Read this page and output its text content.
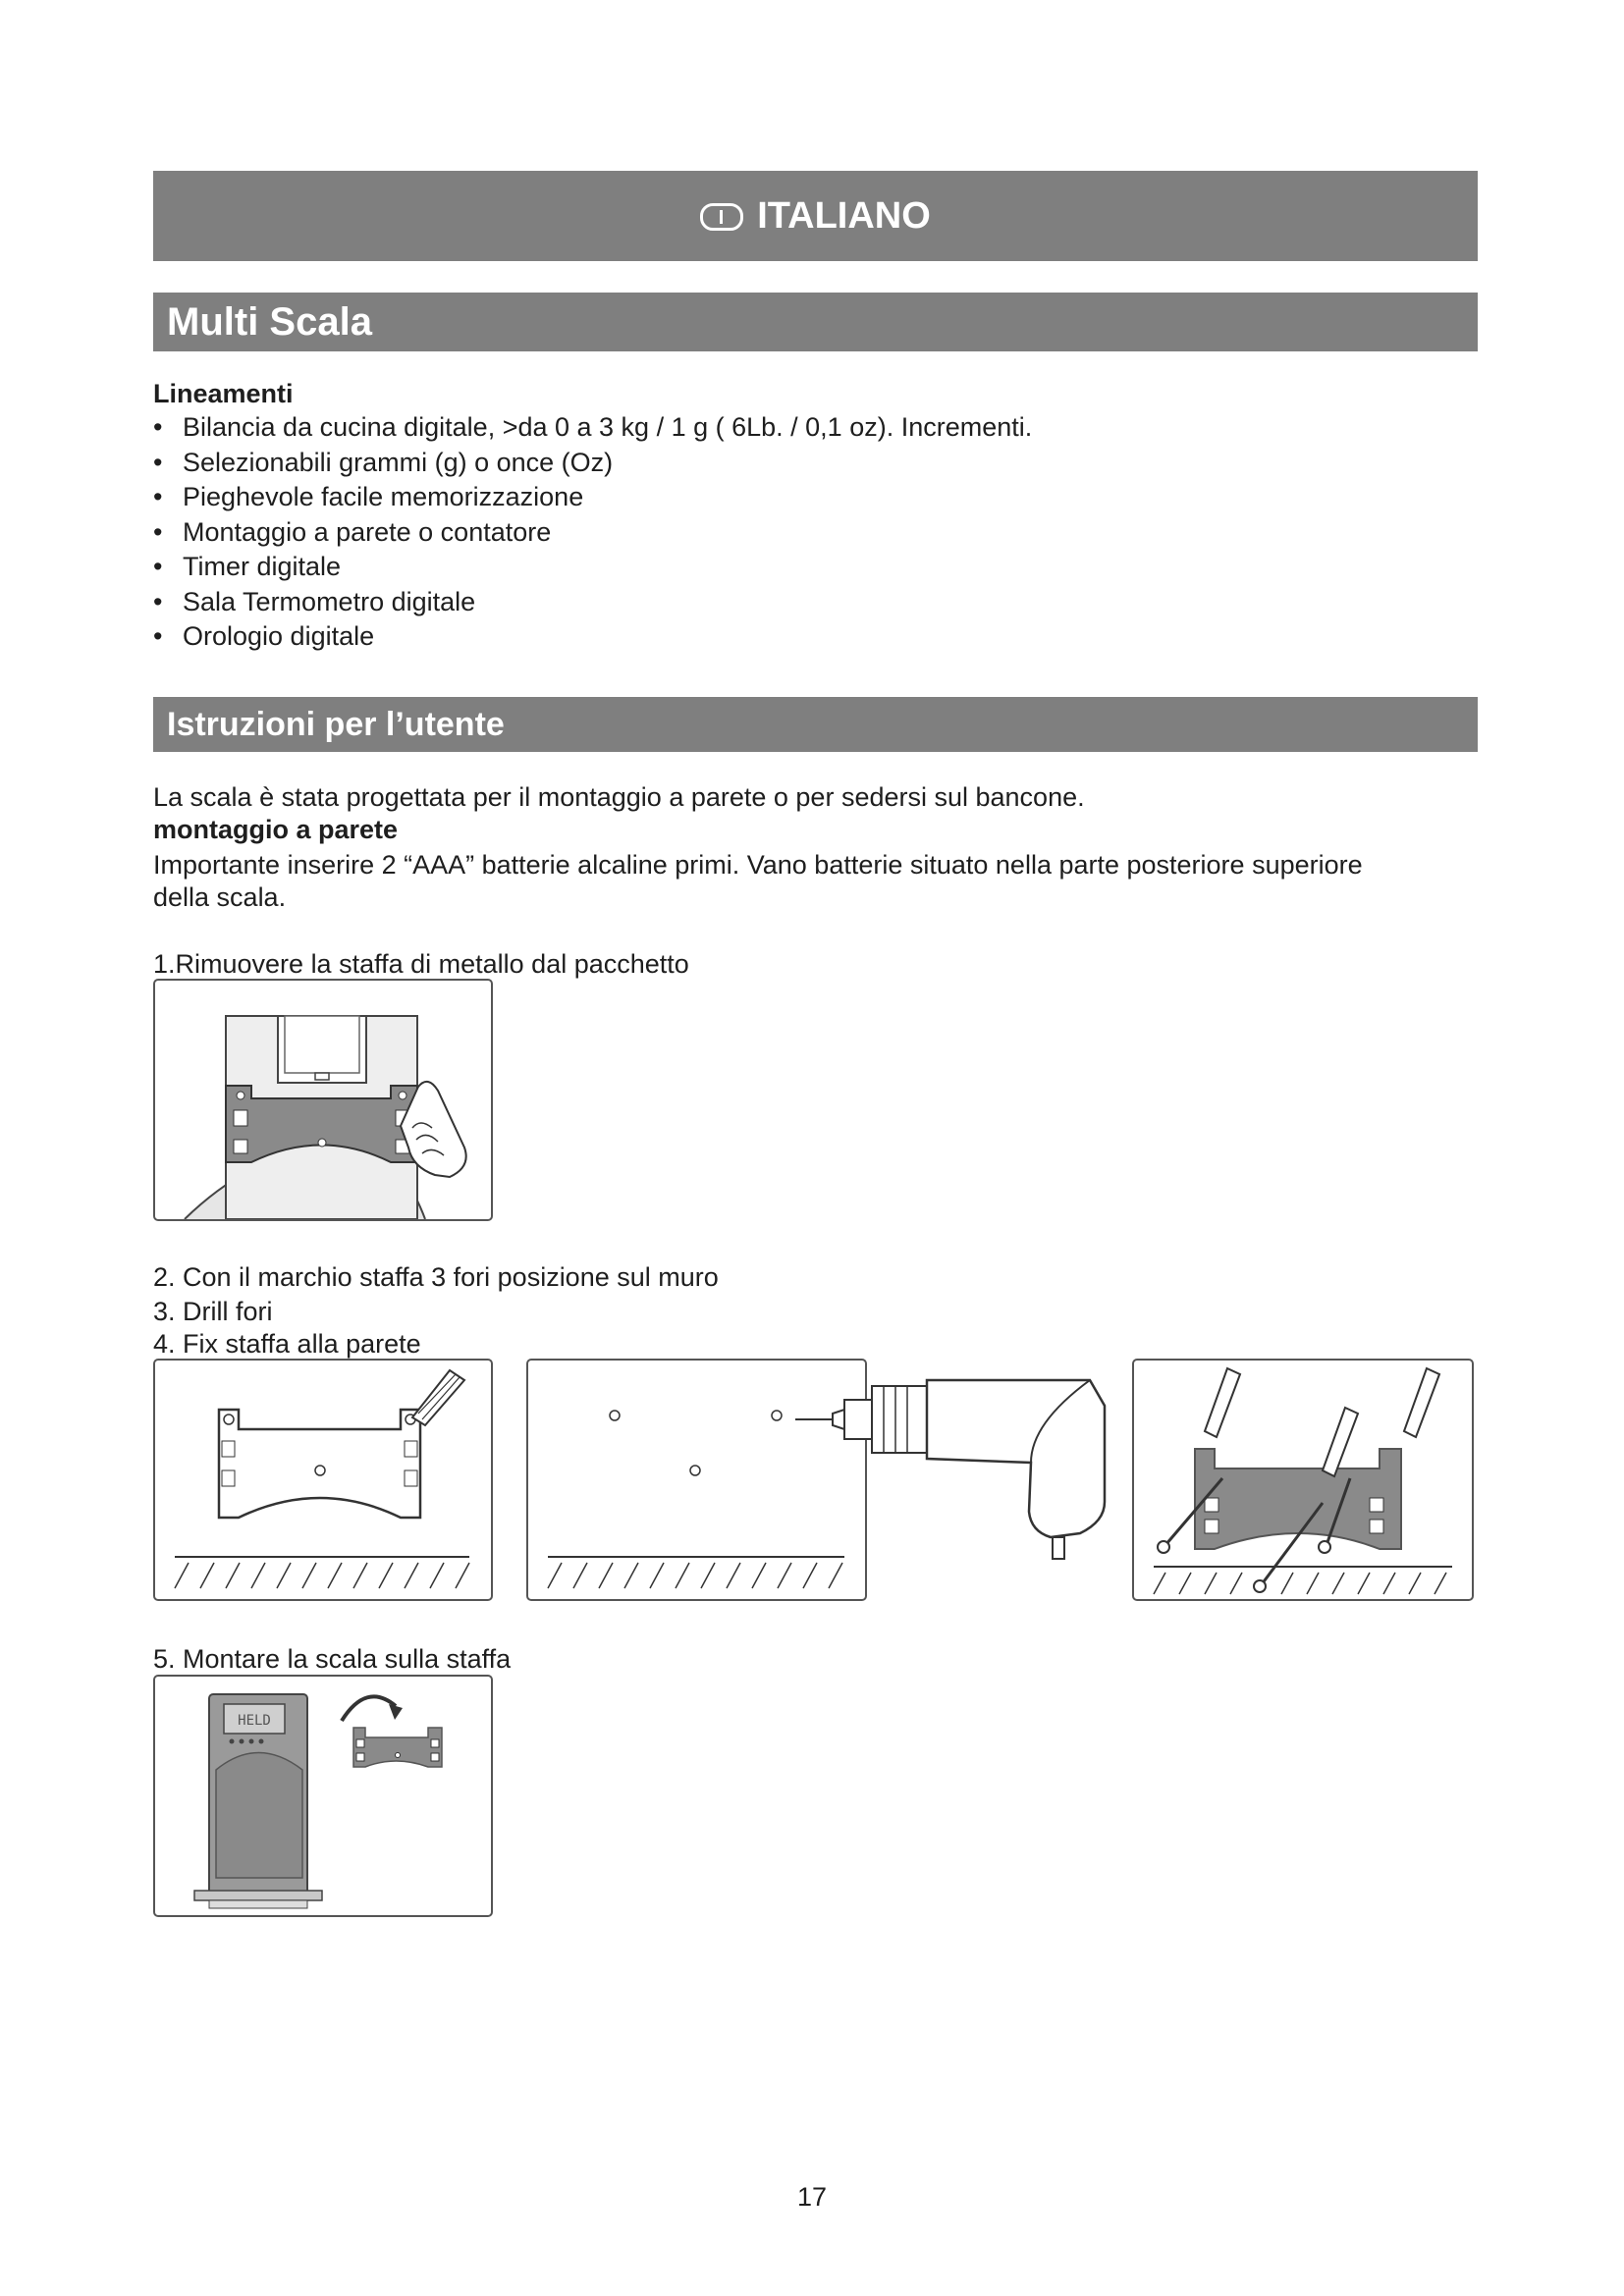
ITALIANO
Multi Scala
Lineamenti
• Bilancia da cucina digitale, >da 0 a 3 kg / 1 g ( 6Lb. / 0,1 oz). Incrementi.
• Selezionabili grammi (g) o once (Oz)
• Pieghevole facile memorizzazione
• Montaggio a parete o contatore
• Timer digitale
• Sala Termometro digitale
• Orologio digitale
Istruzioni per l’utente
La scala è stata progettata per il montaggio a parete o per sedersi sul bancone.
montaggio a parete
Importante inserire 2 “AAA” batterie alcaline primi. Vano batterie situato nella parte posteriore superiore
della scala.
1.Rimuovere la staffa di metallo dal pacchetto
2. Con il marchio staffa 3 fori posizione sul muro
3. Drill fori
4. Fix staffa alla parete
5. Montare la scala sulla staffa
HELD
17
